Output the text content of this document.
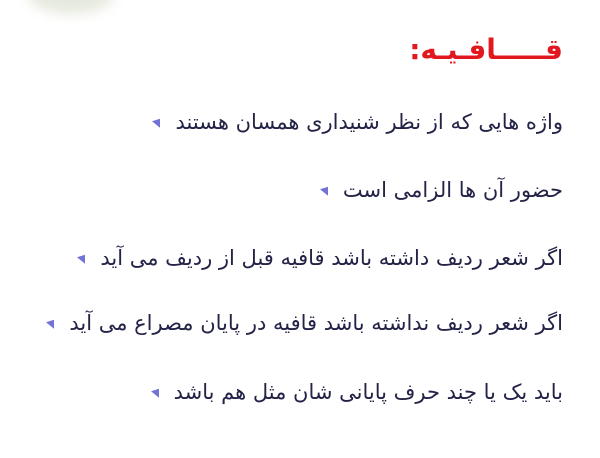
قـــــافـيـه:
واژه هایی که از نظر شنیداری همسان هستند
حضور آن ها الزامی است
اگر شعر ردیف داشته باشد قافیه قبل از ردیف می آید
اگر شعر ردیف نداشته باشد قافیه در پایان مصراع می آید
باید یک یا چند حرف پایانی شان مثل هم باشد
